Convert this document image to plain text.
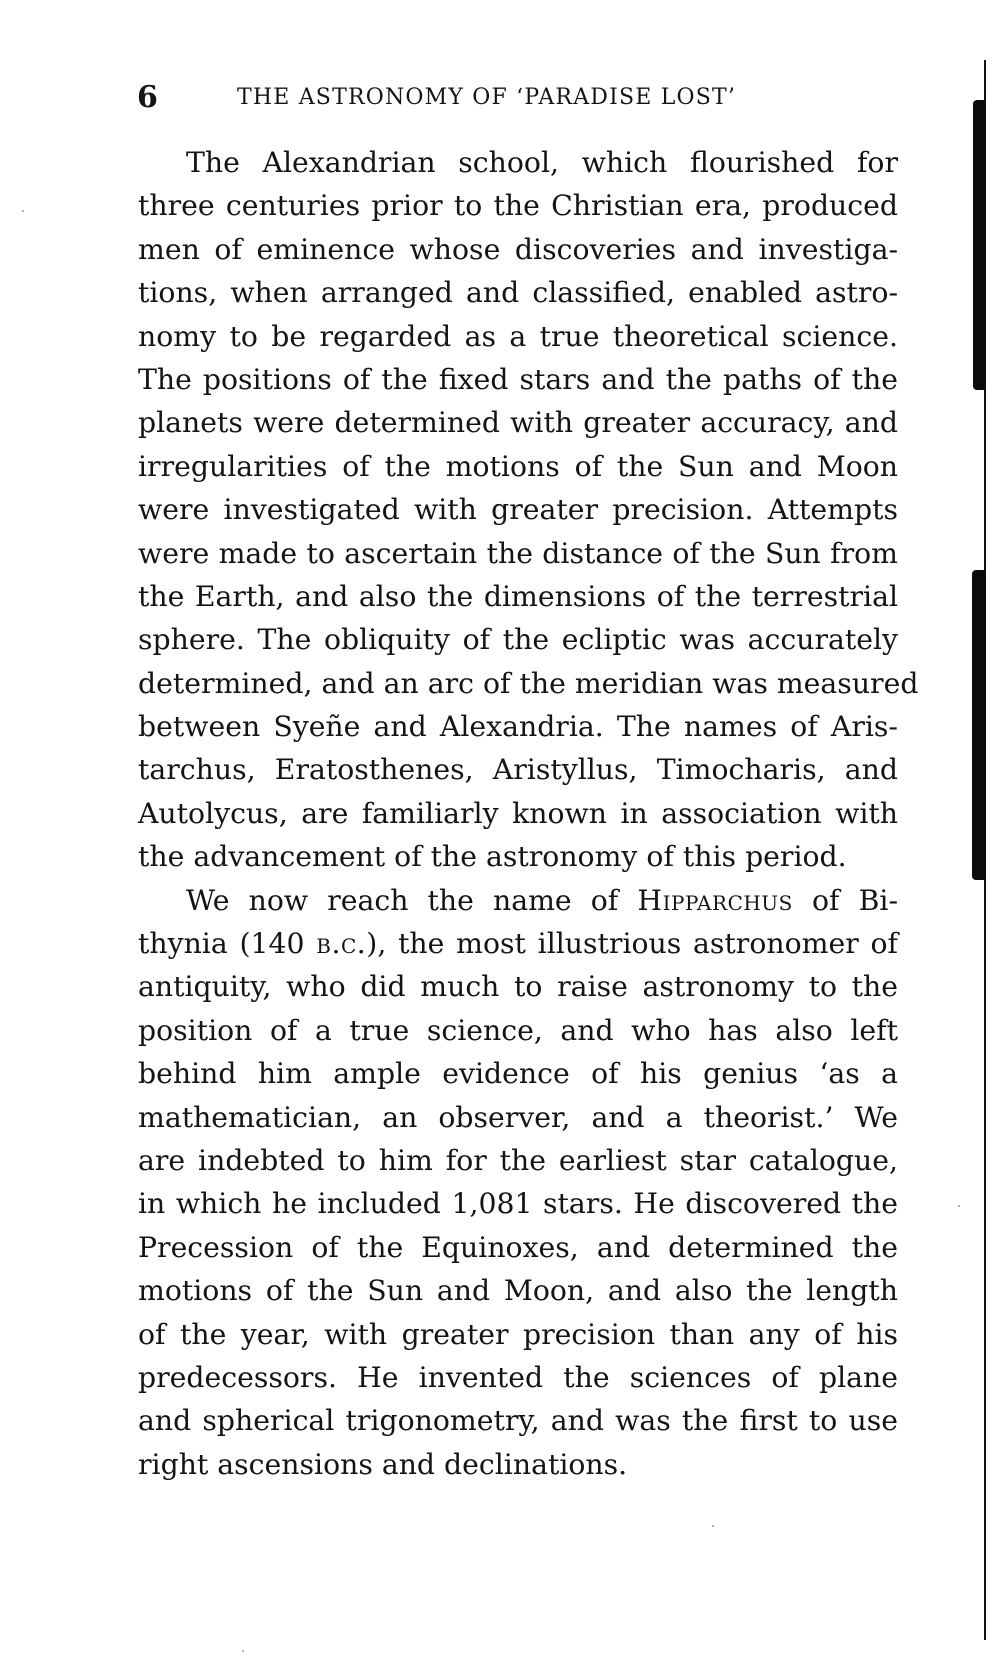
6	THE ASTRONOMY OF ‘PARADISE LOST’
The Alexandrian school, which flourished for
three centuries prior to the Christian era, produced
men of eminence whose discoveries and investiga-
tions, when arranged and classified, enabled astro-
nomy to be regarded as a true theoretical science.
The positions of the fixed stars and the paths of the
planets were determined with greater accuracy, and
irregularities of the motions of the Sun and Moon
were investigated with greater precision. Attempts
were made to ascertain the distance of the Sun from
the Earth, and also the dimensions of the terrestrial
sphere. The obliquity of the ecliptic was accurately
determined, and an arc of the meridian was measured
between Syeñe and Alexandria. The names of Aris-
tarchus, Eratosthenes, Aristyllus, Timocharis, and
Autolycus, are familiarly known in association with
the advancement of the astronomy of this period.
We now reach the name of Hipparchus of Bi-
thynia (140 b.c.), the most illustrious astronomer of
antiquity, who did much to raise astronomy to the
position of a true science, and who has also left
behind him ample evidence of his genius ‘as a
mathematician, an observer, and a theorist.’ We
are indebted to him for the earliest star catalogue,
in which he included 1,081 stars. He discovered the
Precession of the Equinoxes, and determined the
motions of the Sun and Moon, and also the length
of the year, with greater precision than any of his
predecessors. He invented the sciences of plane
and spherical trigonometry, and was the first to use
right ascensions and declinations.
